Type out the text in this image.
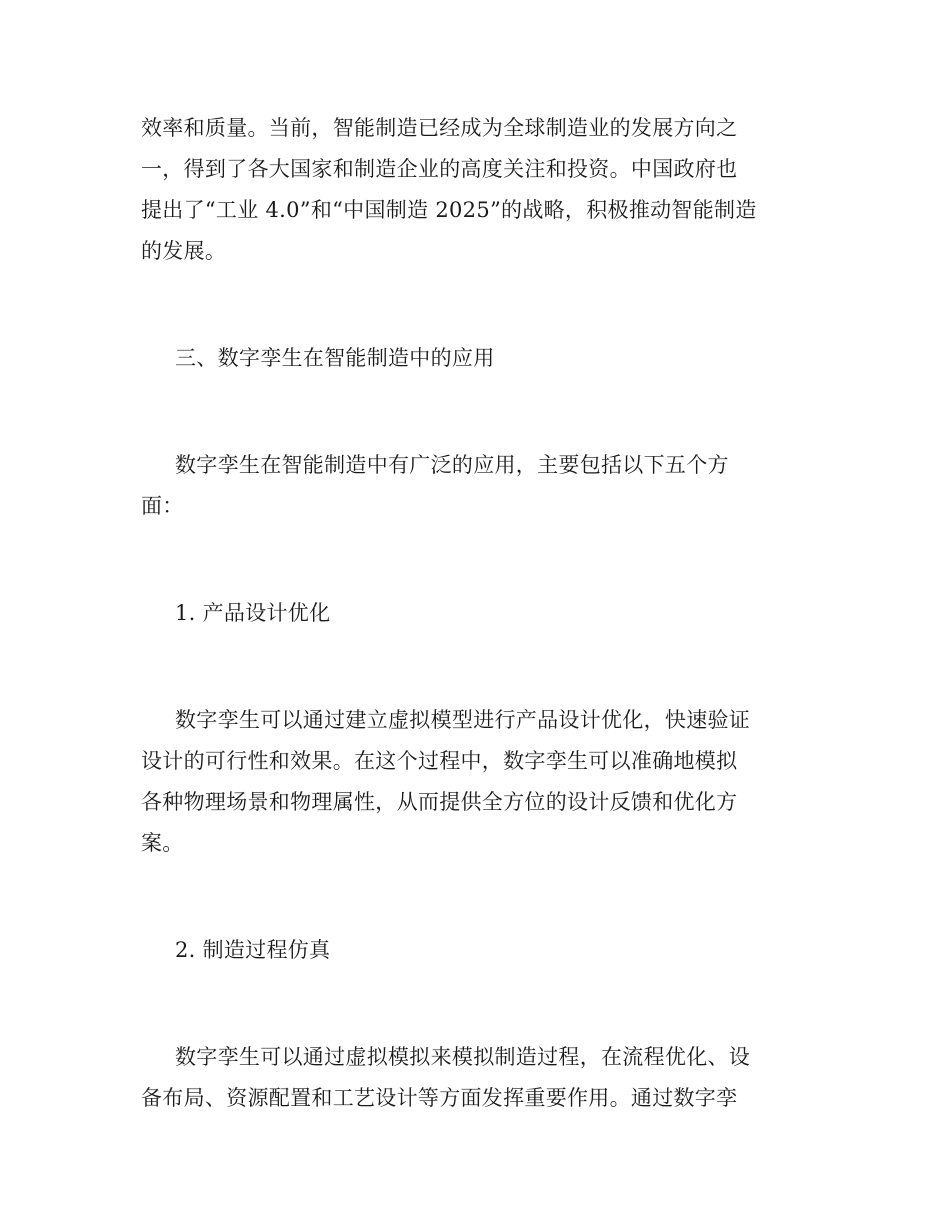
效率和质量。当前，智能制造已经成为全球制造业的发展方向之
一，得到了各大国家和制造企业的高度关注和投资。中国政府也
提出了“工业 4.0”和“中国制造 2025”的战略，积极推动智能制造
的发展。

三、数字孪生在智能制造中的应用

数字孪生在智能制造中有广泛的应用，主要包括以下五个方
面：

1. 产品设计优化

数字孪生可以通过建立虚拟模型进行产品设计优化，快速验证
设计的可行性和效果。在这个过程中，数字孪生可以准确地模拟
各种物理场景和物理属性，从而提供全方位的设计反馈和优化方
案。

2. 制造过程仿真

数字孪生可以通过虚拟模拟来模拟制造过程，在流程优化、设
备布局、资源配置和工艺设计等方面发挥重要作用。通过数字孪
